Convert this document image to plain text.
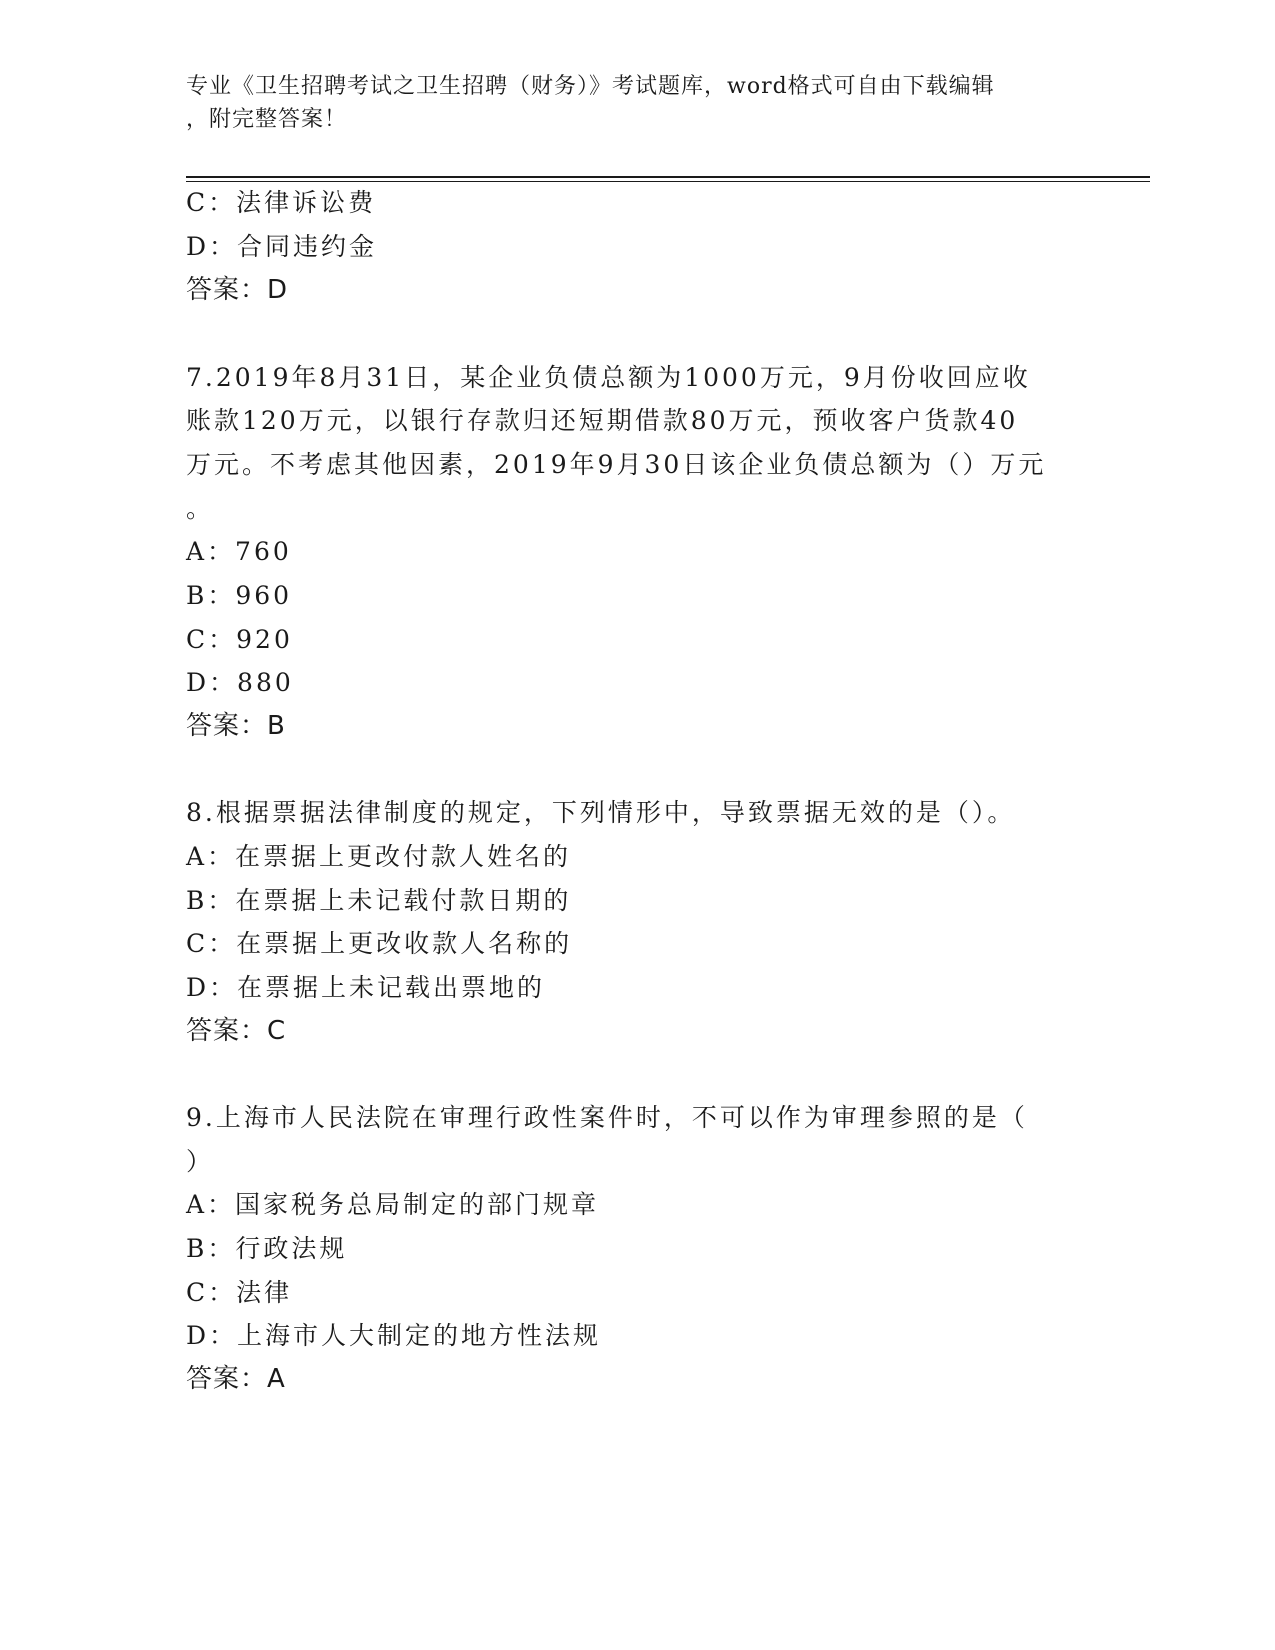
专业《卫生招聘考试之卫生招聘（财务）》考试题库，word格式可自由下载编辑
，附完整答案！
C：法律诉讼费
D：合同违约金
答案：D
7.2019年8月31日，某企业负债总额为1000万元，9月份收回应收
账款120万元，以银行存款归还短期借款80万元，预收客户货款40
万元。不考虑其他因素，2019年9月30日该企业负债总额为（）万元
。
A：760
B：960
C：920
D：880
答案：B
8.根据票据法律制度的规定，下列情形中，导致票据无效的是（）。
A：在票据上更改付款人姓名的
B：在票据上未记载付款日期的
C：在票据上更改收款人名称的
D：在票据上未记载出票地的
答案：C
9.上海市人民法院在审理行政性案件时，不可以作为审理参照的是（
）
A：国家税务总局制定的部门规章
B：行政法规
C：法律
D：上海市人大制定的地方性法规
答案：A
